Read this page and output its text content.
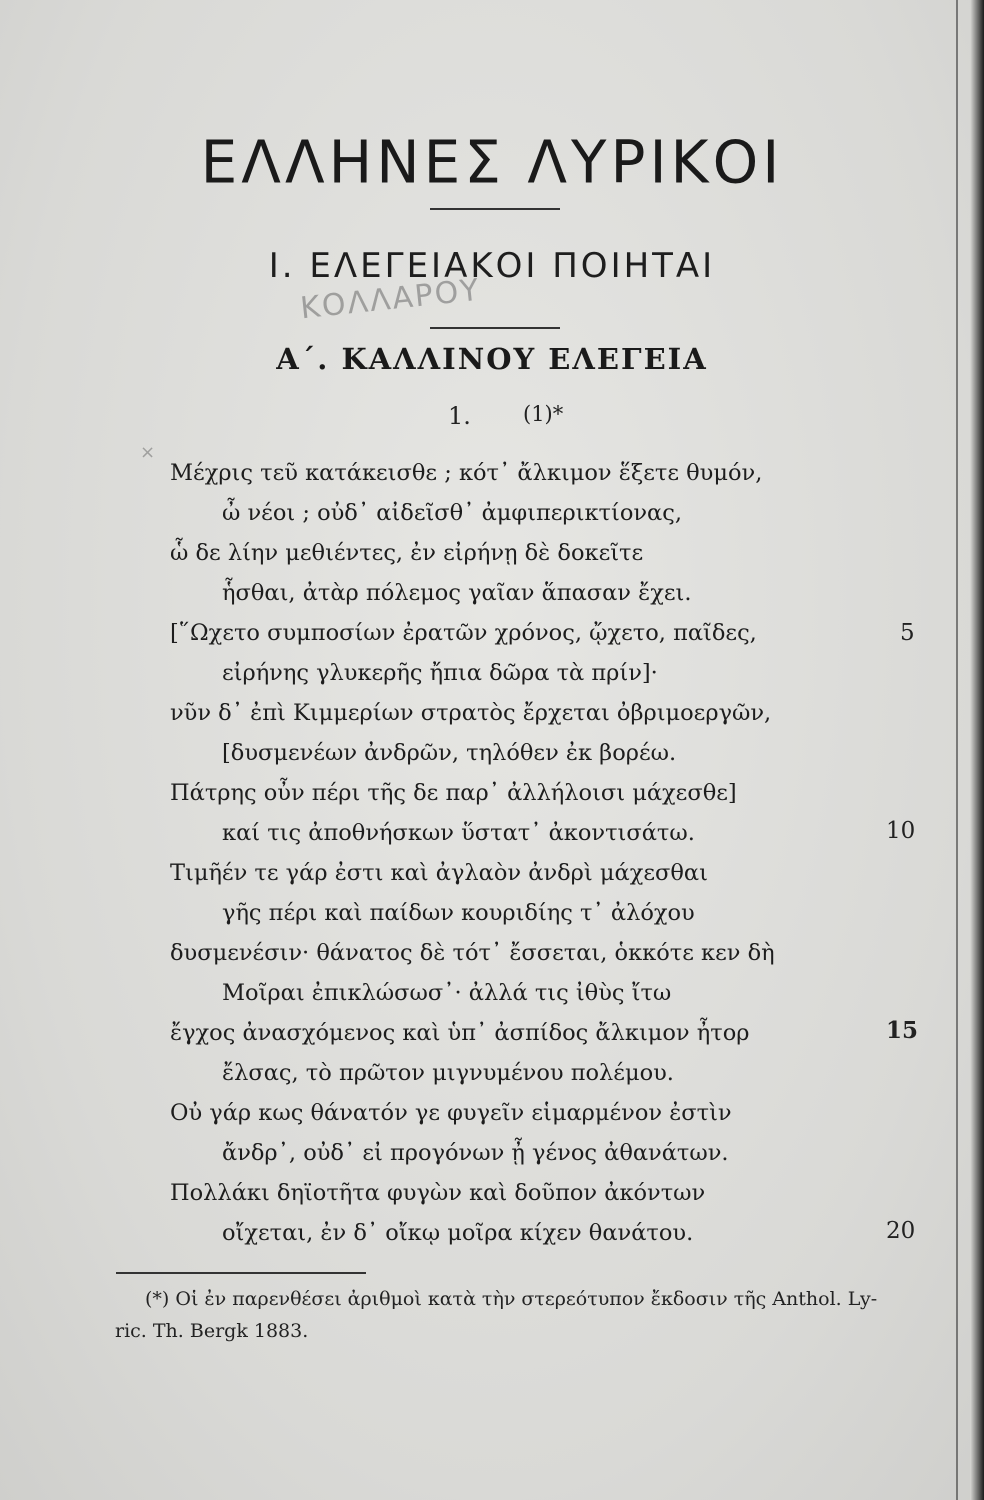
ΕΛΛΗΝΕΣ ΛΥΡΙΚΟΙ
I. ΕΛΕΓΕΙΑΚΟΙ ΠΟΙΗΤΑΙ
ΚΟΛΛΑΡΟΥ
Α΄. ΚΑΛΛΙΝΟΥ ΕΛΕΓΕΙΑ
1. (1)*
×
Μέχρις τεῦ κατάκεισθε ; κότ᾽ ἄλκιμον ἕξετε θυμόν,
ὦ νέοι ; οὐδ᾽ αἰδεῖσθ᾽ ἀμφιπερικτίονας,
ὧ δε λίην μεθιέντες, ἐν εἰρήνῃ δὲ δοκεῖτε
ἧσθαι, ἀτὰρ πόλεμος γαῖαν ἅπασαν ἔχει.
[῞Ωχετο συμποσίων ἐρατῶν χρόνος, ᾤχετο, παῖδες,
εἰρήνης γλυκερῆς ἤπια δῶρα τὰ πρίν]·
νῦν δ᾽ ἐπὶ Κιμμερίων στρατὸς ἔρχεται ὀβριμοεργῶν,
[δυσμενέων ἀνδρῶν, τηλόθεν ἐκ βορέω.
Πάτρης οὖν πέρι τῆς δε παρ᾽ ἀλλήλοισι μάχεσθε]
καί τις ἀποθνήσκων ὕστατ᾽ ἀκοντισάτω.
Τιμῆέν τε γάρ ἐστι καὶ ἀγλαὸν ἀνδρὶ μάχεσθαι
γῆς πέρι καὶ παίδων κουριδίης τ᾽ ἀλόχου
δυσμενέσιν· θάνατος δὲ τότ᾽ ἔσσεται, ὁκκότε κεν δὴ
Μοῖραι ἐπικλώσωσ᾽· ἀλλά τις ἰθὺς ἴτω
ἔγχος ἀνασχόμενος καὶ ὑπ᾽ ἀσπίδος ἄλκιμον ἦτορ
ἔλσας, τὸ πρῶτον μιγνυμένου πολέμου.
Οὐ γάρ κως θάνατόν γε φυγεῖν εἱμαρμένον ἐστὶν
ἄνδρ᾽, οὐδ᾽ εἰ προγόνων ᾖ γένος ἀθανάτων.
Πολλάκι δηϊοτῆτα φυγὼν καὶ δοῦπον ἀκόντων
οἴχεται, ἐν δ᾽ οἴκῳ μοῖρα κίχεν θανάτου.
5
10
15
20
(*) Οἱ ἐν παρενθέσει ἀριθμοὶ κατὰ τὴν στερεότυπον ἔκδοσιν τῆς Anthol. Ly-
ric. Th. Bergk 1883.
